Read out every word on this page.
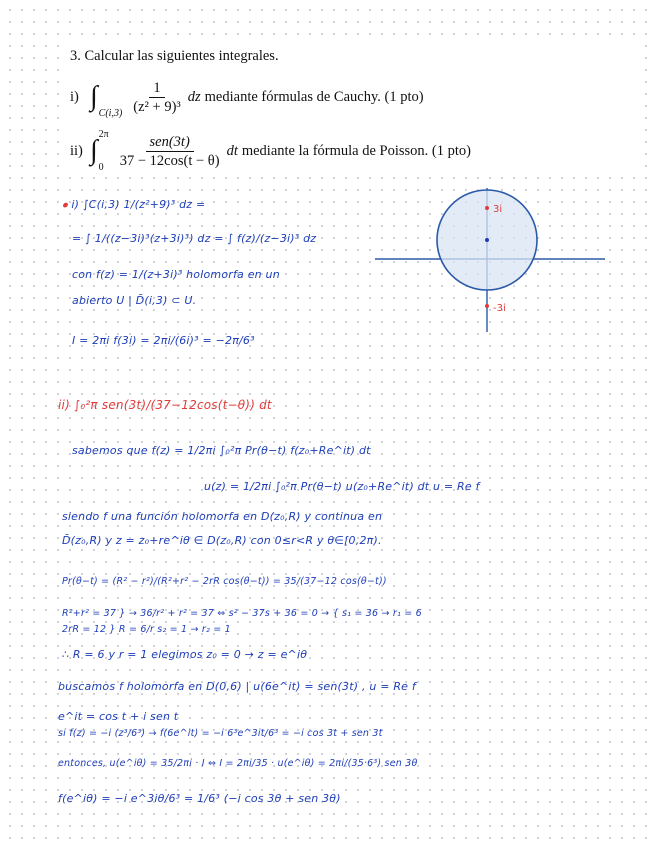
3. Calcular las siguientes integrales.
i) ∫

$C(i,3) \frac{1}{\text{(z² + 9)³}}$ dz mediante fórmulas de Cauchy. (1 pto)
ii) ∫
2π
$0 \frac{\text{sen(3t)}}{37 - 12\cos(t - \theta)}$ dt mediante la fórmula de Poisson. (1 pto)
3i
-3i
⦁ i) ∫C(i,3) 1/(z²+9)³ dz =
= ∫ 1/((z−3i)³(z+3i)³) dz = ∫ f(z)/(z−3i)³ dz
con f(z) = 1/(z+3i)³ holomorfa en un
abierto U | D̄(i,3) ⊂ U.
I = 2πi f(3i) = 2πi/(6i)³ = −2π/6³
ii) ∫₀²π sen(3t)/(37−12cos(t−θ)) dt
sabemos que f(z) = 1/2πi ∫₀²π Pr(θ−t) f(z₀+Re^it) dt
u(z) = 1/2πi ∫₀²π Pr(θ−t) u(z₀+Re^it) dt u = Re f
siendo f una función holomorfa en D(z₀,R) y continua en
D̄(z₀,R) y z = z₀+re^iθ ∈ D(z₀,R) con 0≤r<R y θ∈[0,2π).
Pr(θ−t) = (R² − r²)/(R²+r² − 2rR cos(θ−t)) = 35/(37−12 cos(θ−t))
R²+r² = 37 } → 36/r² + r² = 37 ⇔ s² − 37s + 36 = 0 → { s₁ = 36 → r₁ = 6
2rR = 12 } R = 6/r s₂ = 1 → r₂ = 1
∴ R = 6 y r = 1 elegimos z₀ = 0 → z = e^iθ
buscamos f holomorfa en D(0,6) | u(6e^it) = sen(3t) , u = Re f
e^it = cos t + i sen t
si f(z) = −i (z³/6³) → f(6e^it) = −i 6³e^3it/6³ = −i cos 3t + sen 3t
entonces, u(e^iθ) = 35/2πi · I ⇔ I = 2πi/35 · u(e^iθ) = 2πi/(35·6³) sen 3θ
f(e^iθ) = −i e^3iθ/6³ = 1/6³ (−i cos 3θ + sen 3θ)
